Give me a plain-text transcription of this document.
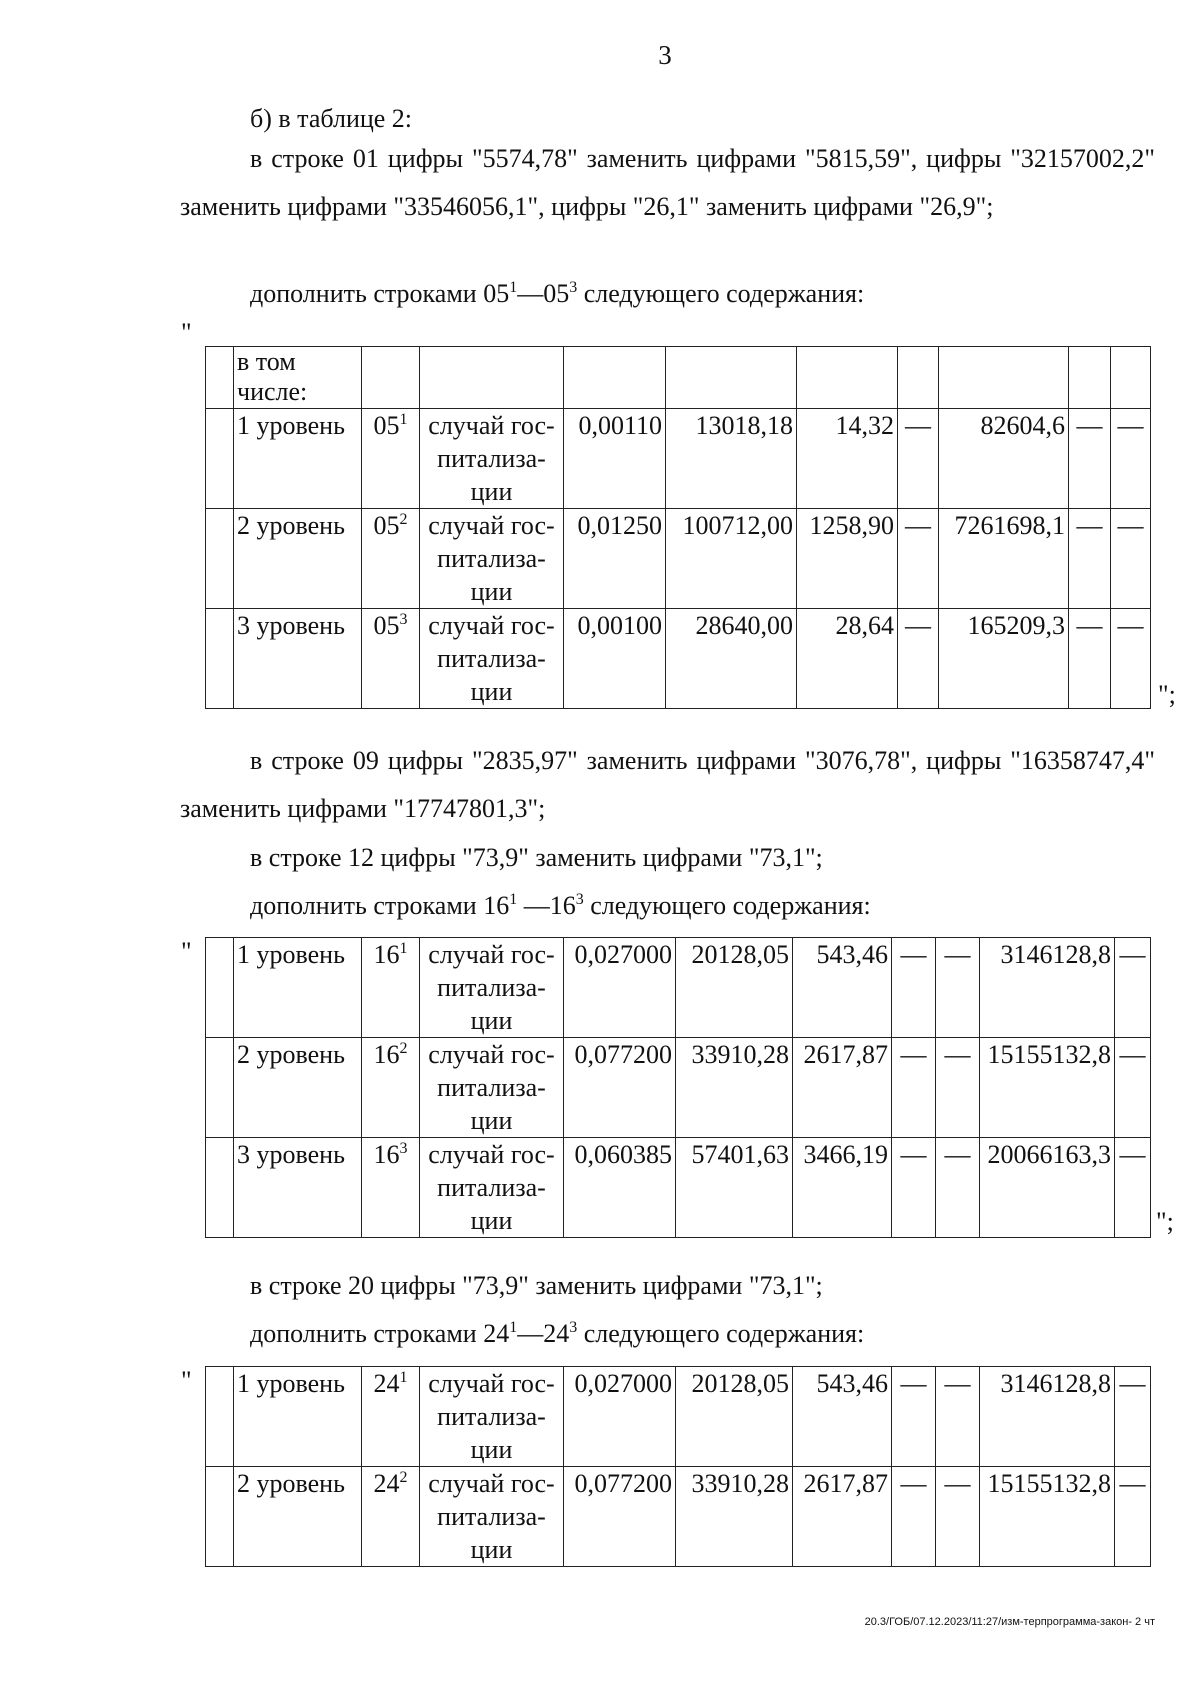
3
б) в таблице 2:
в строке 01 цифры "5574,78" заменить цифрами "5815,59", цифры "32157002,2" заменить цифрами "33546056,1", цифры "26,1" заменить цифрами "26,9";
дополнить строками $05^1—05^3$ следующего содержания:
"
	в том числе:									
	1 уровень	$05^1$	случай гос-
питализа-
ции	0,00110	13018,18	14,32	—	82604,6	—	—
	2 уровень	$05^2$	случай гос-
питализа-
ции	0,01250	100712,00	1258,90	—	7261698,1	—	—
	3 уровень	$05^3$	случай гос-
питализа-
ции	0,00100	28640,00	28,64	—	165209,3	—	—
";
в строке 09 цифры "2835,97" заменить цифрами "3076,78", цифры "16358747,4" заменить цифрами "17747801,3";
в строке 12 цифры "73,9" заменить цифрами "73,1";
дополнить строками $16^1$ $—16^3$ следующего содержания:
"
	1 уровень	$16^1$	случай гос-
питализа-
ции	0,027000	20128,05	543,46	—	—	3146128,8	—
	2 уровень	$16^2$	случай гос-
питализа-
ции	0,077200	33910,28	2617,87	—	—	15155132,8	—
	3 уровень	$16^3$	случай гос-
питализа-
ции	0,060385	57401,63	3466,19	—	—	20066163,3	—
";
в строке 20 цифры "73,9" заменить цифрами "73,1";
дополнить строками $24^1—24^3$ следующего содержания:
"
	1 уровень	$24^1$	случай гос-
питализа-
ции	0,027000	20128,05	543,46	—	—	3146128,8	—
	2 уровень	$24^2$	случай гос-
питализа-
ции	0,077200	33910,28	2617,87	—	—	15155132,8	—
20.3/ГОБ/07.12.2023/11:27/изм-терпрограмма-закон- 2 чт
